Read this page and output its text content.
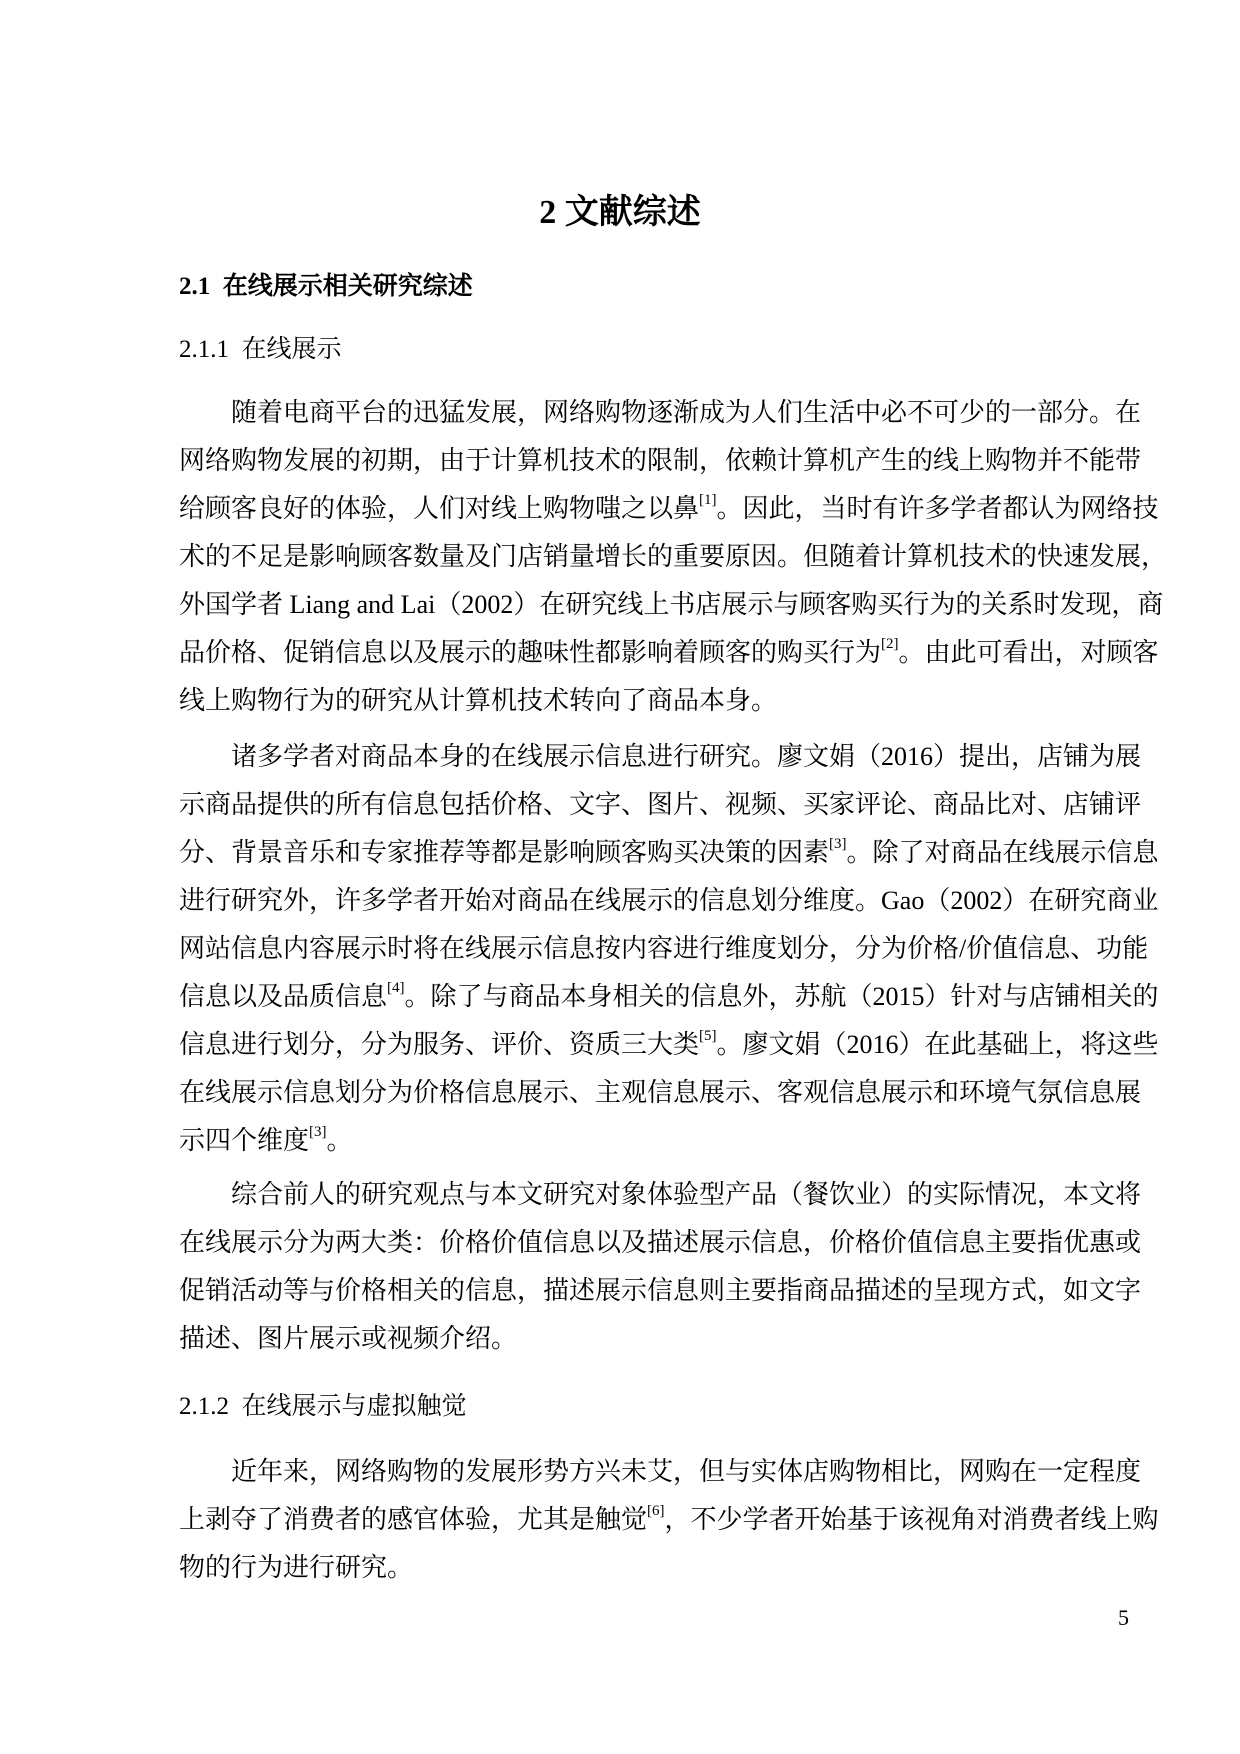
2 文献综述
2.1  在线展示相关研究综述
2.1.1  在线展示
随着电商平台的迅猛发展，网络购物逐渐成为人们生活中必不可少的一部分。在
网络购物发展的初期，由于计算机技术的限制，依赖计算机产生的线上购物并不能带
给顾客良好的体验，人们对线上购物嗤之以鼻[1]。因此，当时有许多学者都认为网络技
术的不足是影响顾客数量及门店销量增长的重要原因。但随着计算机技术的快速发展，
外国学者 Liang and Lai（2002）在研究线上书店展示与顾客购买行为的关系时发现，商
品价格、促销信息以及展示的趣味性都影响着顾客的购买行为[2]。由此可看出，对顾客
线上购物行为的研究从计算机技术转向了商品本身。
诸多学者对商品本身的在线展示信息进行研究。廖文娟（2016）提出，店铺为展
示商品提供的所有信息包括价格、文字、图片、视频、买家评论、商品比对、店铺评
分、背景音乐和专家推荐等都是影响顾客购买决策的因素[3]。除了对商品在线展示信息
进行研究外，许多学者开始对商品在线展示的信息划分维度。Gao（2002）在研究商业
网站信息内容展示时将在线展示信息按内容进行维度划分，分为价格/价值信息、功能
信息以及品质信息[4]。除了与商品本身相关的信息外，苏航（2015）针对与店铺相关的
信息进行划分，分为服务、评价、资质三大类[5]。廖文娟（2016）在此基础上，将这些
在线展示信息划分为价格信息展示、主观信息展示、客观信息展示和环境气氛信息展
示四个维度[3]。
综合前人的研究观点与本文研究对象体验型产品（餐饮业）的实际情况，本文将
在线展示分为两大类：价格价值信息以及描述展示信息，价格价值信息主要指优惠或
促销活动等与价格相关的信息，描述展示信息则主要指商品描述的呈现方式，如文字
描述、图片展示或视频介绍。
2.1.2  在线展示与虚拟触觉
近年来，网络购物的发展形势方兴未艾，但与实体店购物相比，网购在一定程度
上剥夺了消费者的感官体验，尤其是触觉[6]，不少学者开始基于该视角对消费者线上购
物的行为进行研究。
5
